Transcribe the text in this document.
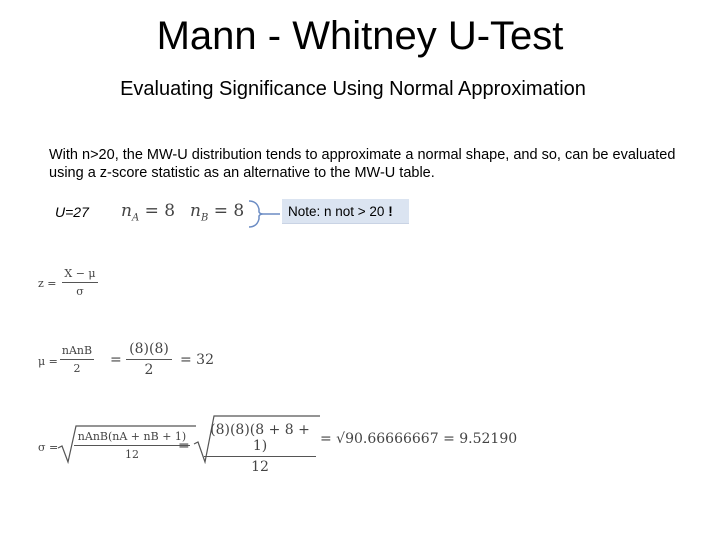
Mann - Whitney U-Test
Evaluating Significance Using Normal Approximation
With n>20, the MW-U distribution tends to approximate a normal shape, and so, can be evaluated using a z-score statistic as an alternative to the MW-U table.
U=27 $n_A = 8$ $n_B = 8$	Note: n not > 20 !
z =
X − μ
σ
μ =
nAnB
2
=
(8)(8)
2
= 32
σ =
nAnB(nA + nB + 1)
12
=
(8)(8)(8 + 8 + 1)
12
= √90.66666667 = 9.52190
